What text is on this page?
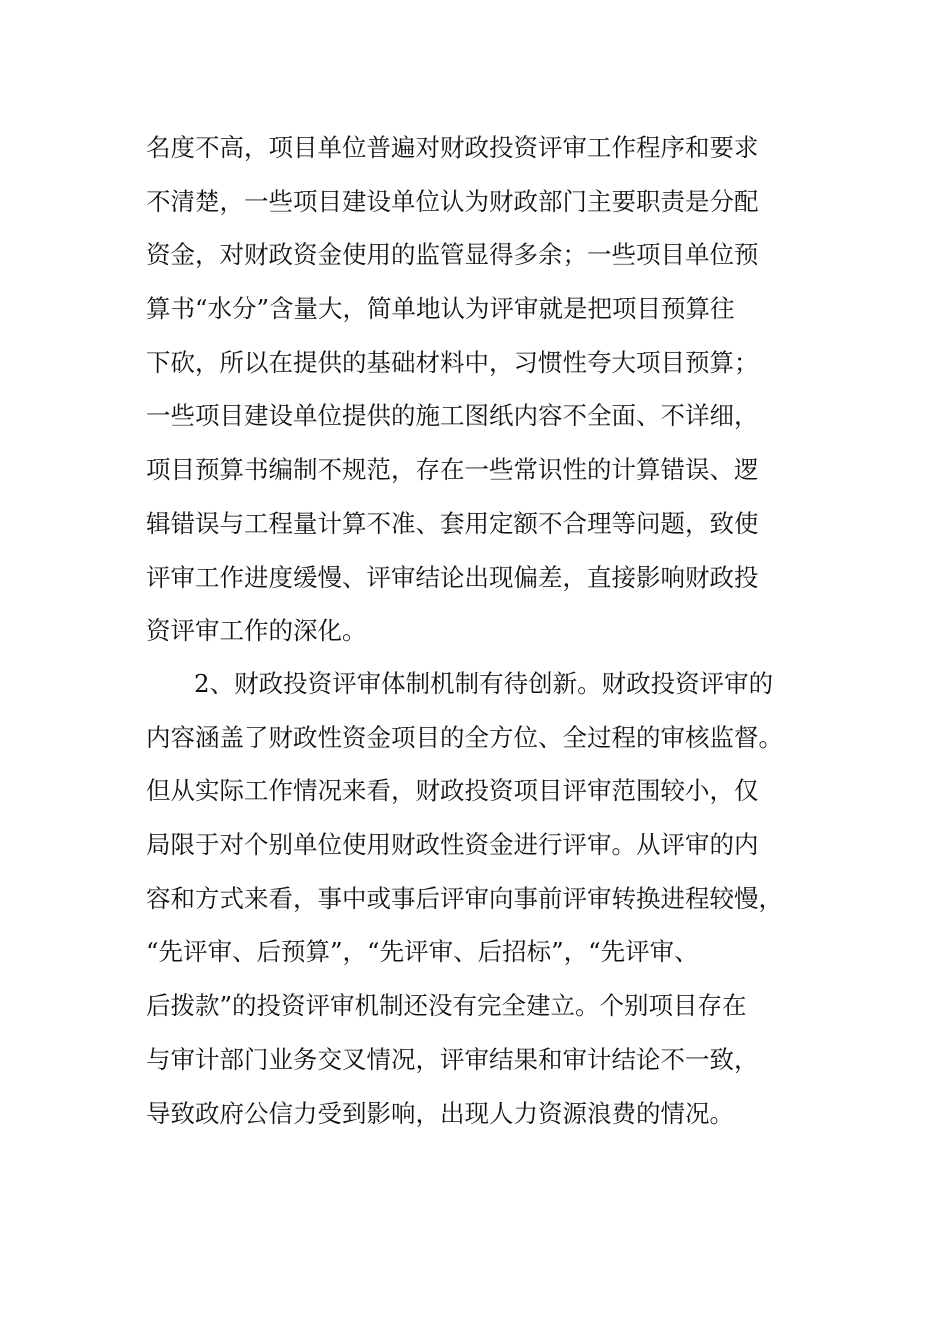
名度不高，项目单位普遍对财政投资评审工作程序和要求
不清楚，一些项目建设单位认为财政部门主要职责是分配
资金，对财政资金使用的监管显得多余；一些项目单位预
算书“水分”含量大，简单地认为评审就是把项目预算往
下砍，所以在提供的基础材料中，习惯性夸大项目预算；
一些项目建设单位提供的施工图纸内容不全面、不详细，
项目预算书编制不规范，存在一些常识性的计算错误、逻
辑错误与工程量计算不准、套用定额不合理等问题，致使
评审工作进度缓慢、评审结论出现偏差，直接影响财政投
资评审工作的深化。
2、财政投资评审体制机制有待创新。财政投资评审的
内容涵盖了财政性资金项目的全方位、全过程的审核监督。
但从实际工作情况来看，财政投资项目评审范围较小，仅
局限于对个别单位使用财政性资金进行评审。从评审的内
容和方式来看，事中或事后评审向事前评审转换进程较慢，
“先评审、后预算”，“先评审、后招标”，“先评审、
后拨款”的投资评审机制还没有完全建立。个别项目存在
与审计部门业务交叉情况，评审结果和审计结论不一致，
导致政府公信力受到影响，出现人力资源浪费的情况。
